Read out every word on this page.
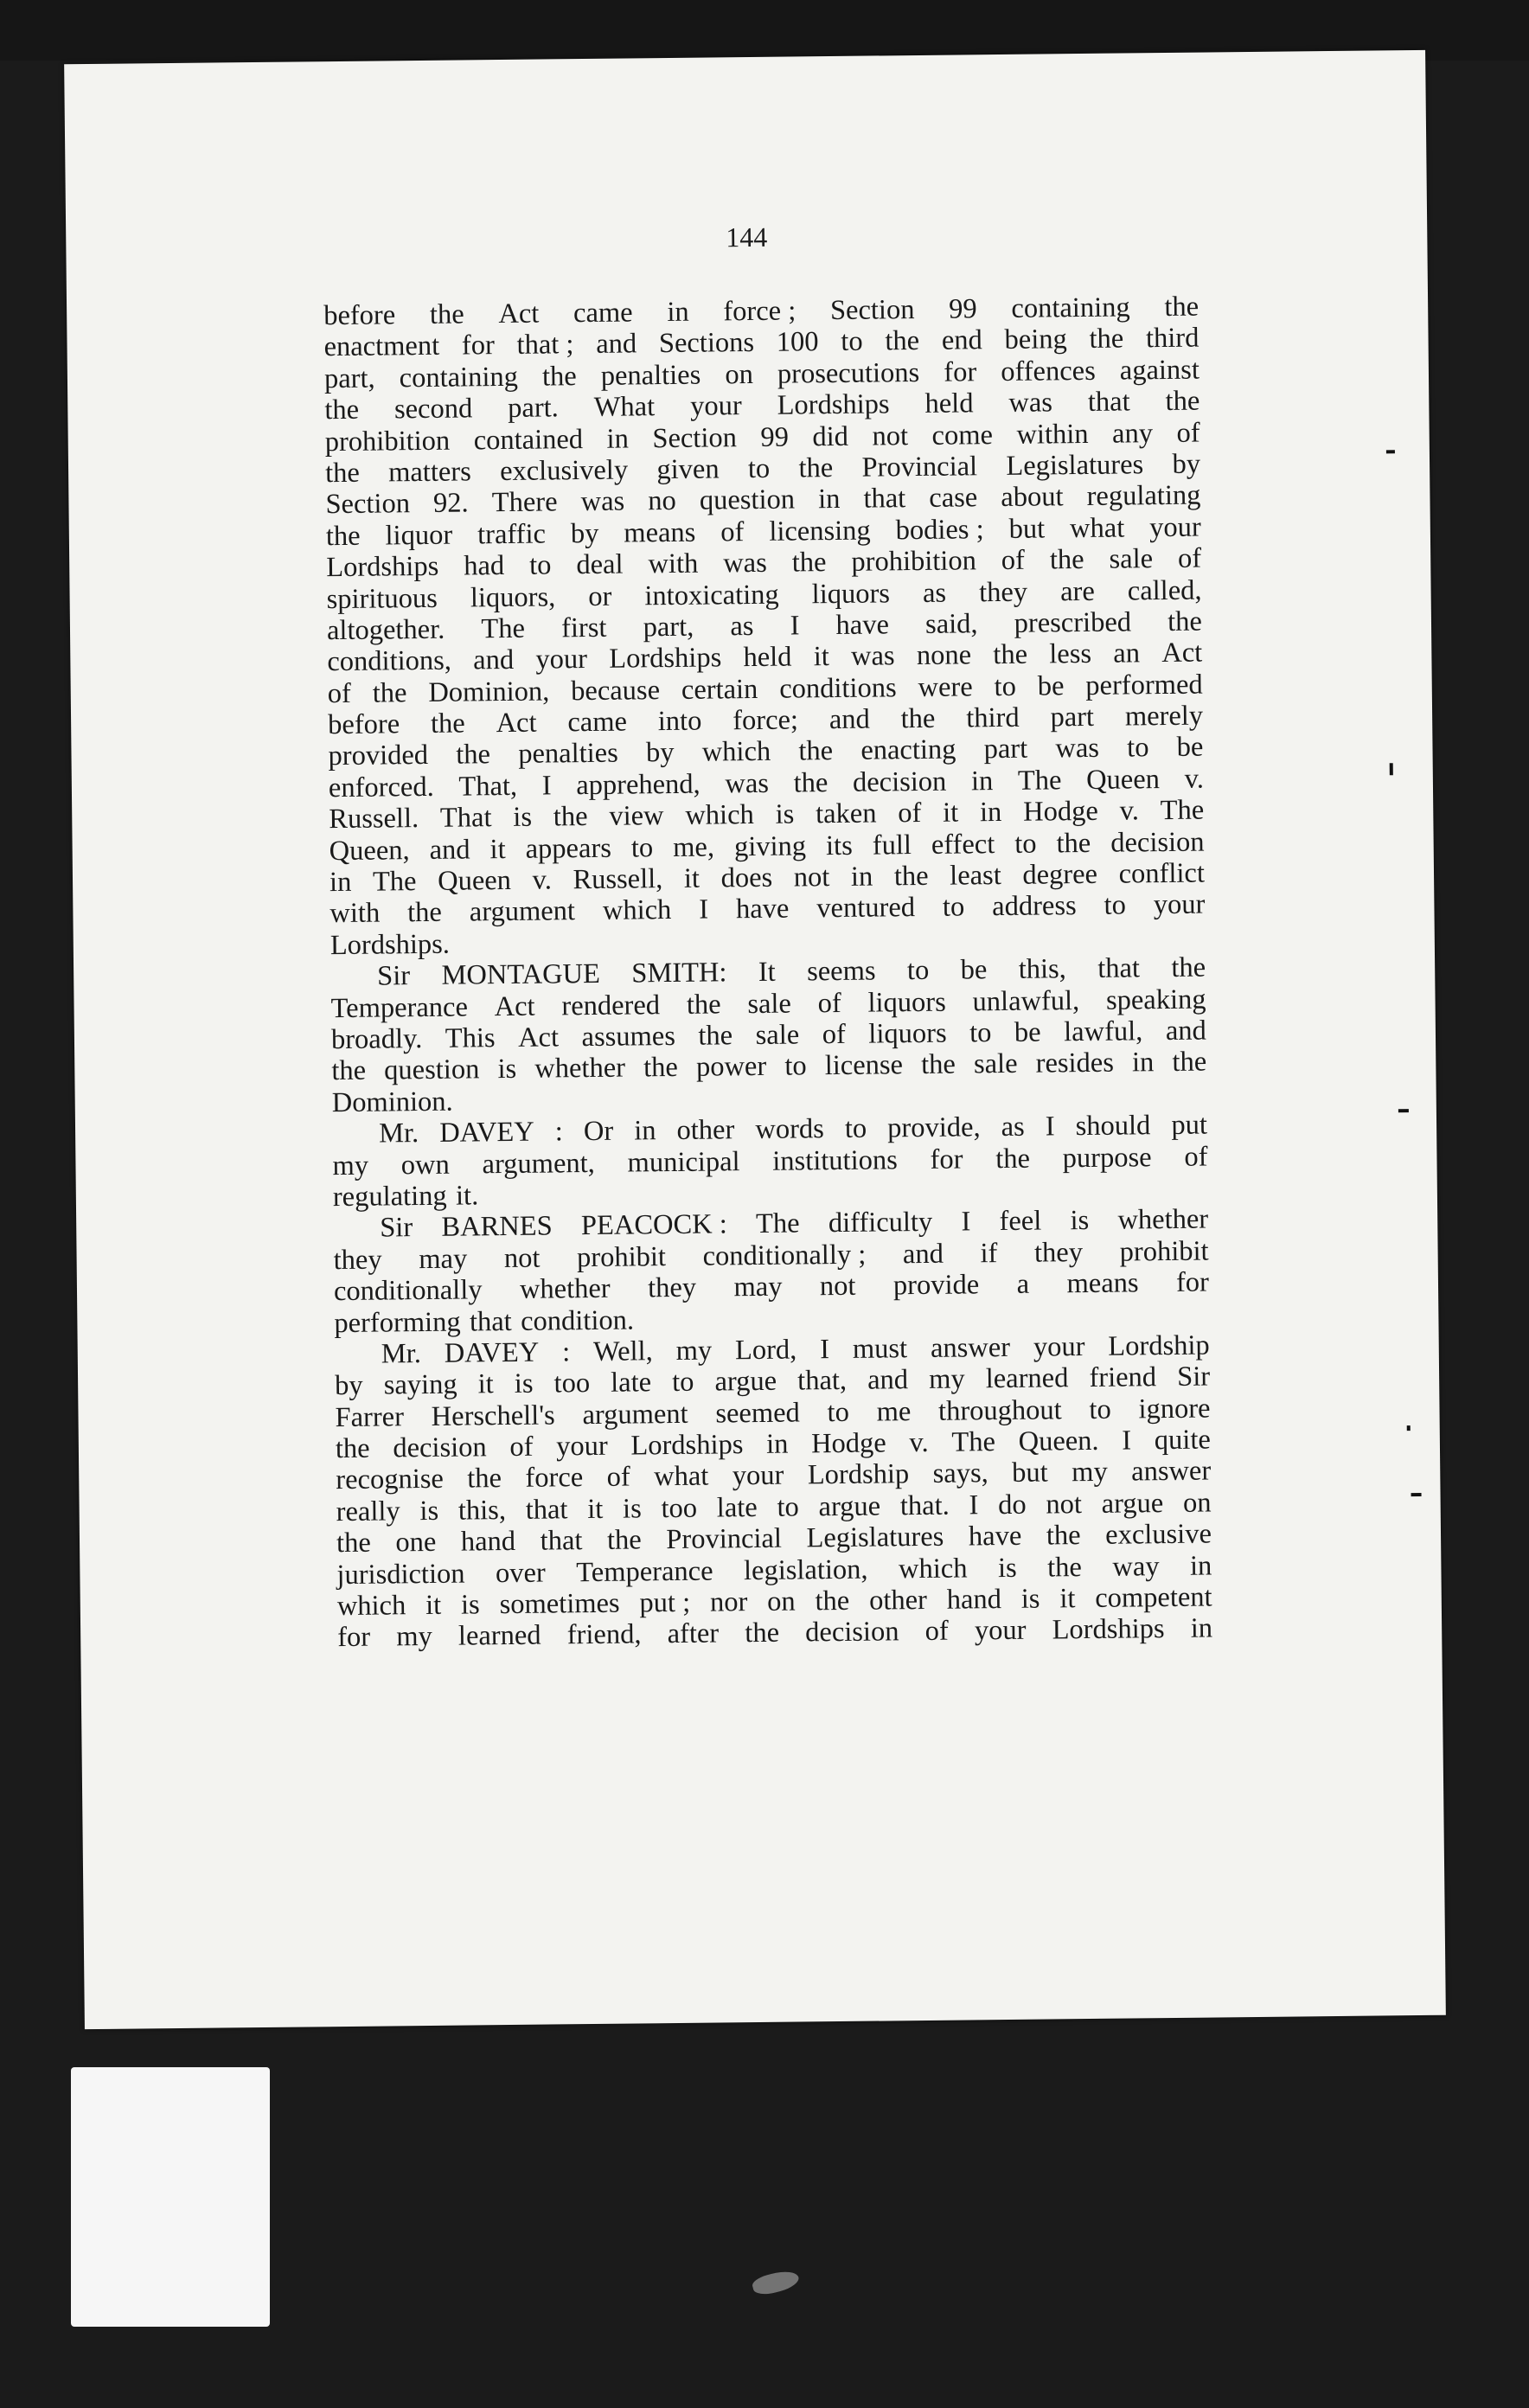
144
before the Act came in force ; Section 99 containing the
enactment for that ; and Sections 100 to the end being the third
part, containing the penalties on prosecutions for offences against
the second part. What your Lordships held was that the
prohibition contained in Section 99 did not come within any of
the matters exclusively given to the Provincial Legislatures by
Section 92. There was no question in that case about regulating
the liquor traffic by means of licensing bodies ; but what your
Lordships had to deal with was the prohibition of the sale of
spirituous liquors, or intoxicating liquors as they are called,
altogether. The first part, as I have said, prescribed the
conditions, and your Lordships held it was none the less an Act
of the Dominion, because certain conditions were to be performed
before the Act came into force; and the third part merely
provided the penalties by which the enacting part was to be
enforced. That, I apprehend, was the decision in The Queen v.
Russell. That is the view which is taken of it in Hodge v. The
Queen, and it appears to me, giving its full effect to the decision
in The Queen v. Russell, it does not in the least degree conflict
with the argument which I have ventured to address to your
Lordships.
Sir MONTAGUE SMITH: It seems to be this, that the
Temperance Act rendered the sale of liquors unlawful, speaking
broadly. This Act assumes the sale of liquors to be lawful, and
the question is whether the power to license the sale resides in the
Dominion.
Mr. DAVEY : Or in other words to provide, as I should put
my own argument, municipal institutions for the purpose of
regulating it.
Sir BARNES PEACOCK : The difficulty I feel is whether
they may not prohibit conditionally ; and if they prohibit
conditionally whether they may not provide a means for
performing that condition.
Mr. DAVEY : Well, my Lord, I must answer your Lordship
by saying it is too late to argue that, and my learned friend Sir
Farrer Herschell's argument seemed to me throughout to ignore
the decision of your Lordships in Hodge v. The Queen. I quite
recognise the force of what your Lordship says, but my answer
really is this, that it is too late to argue that. I do not argue on
the one hand that the Provincial Legislatures have the exclusive
jurisdiction over Temperance legislation, which is the way in
which it is sometimes put ; nor on the other hand is it competent
for my learned friend, after the decision of your Lordships in
